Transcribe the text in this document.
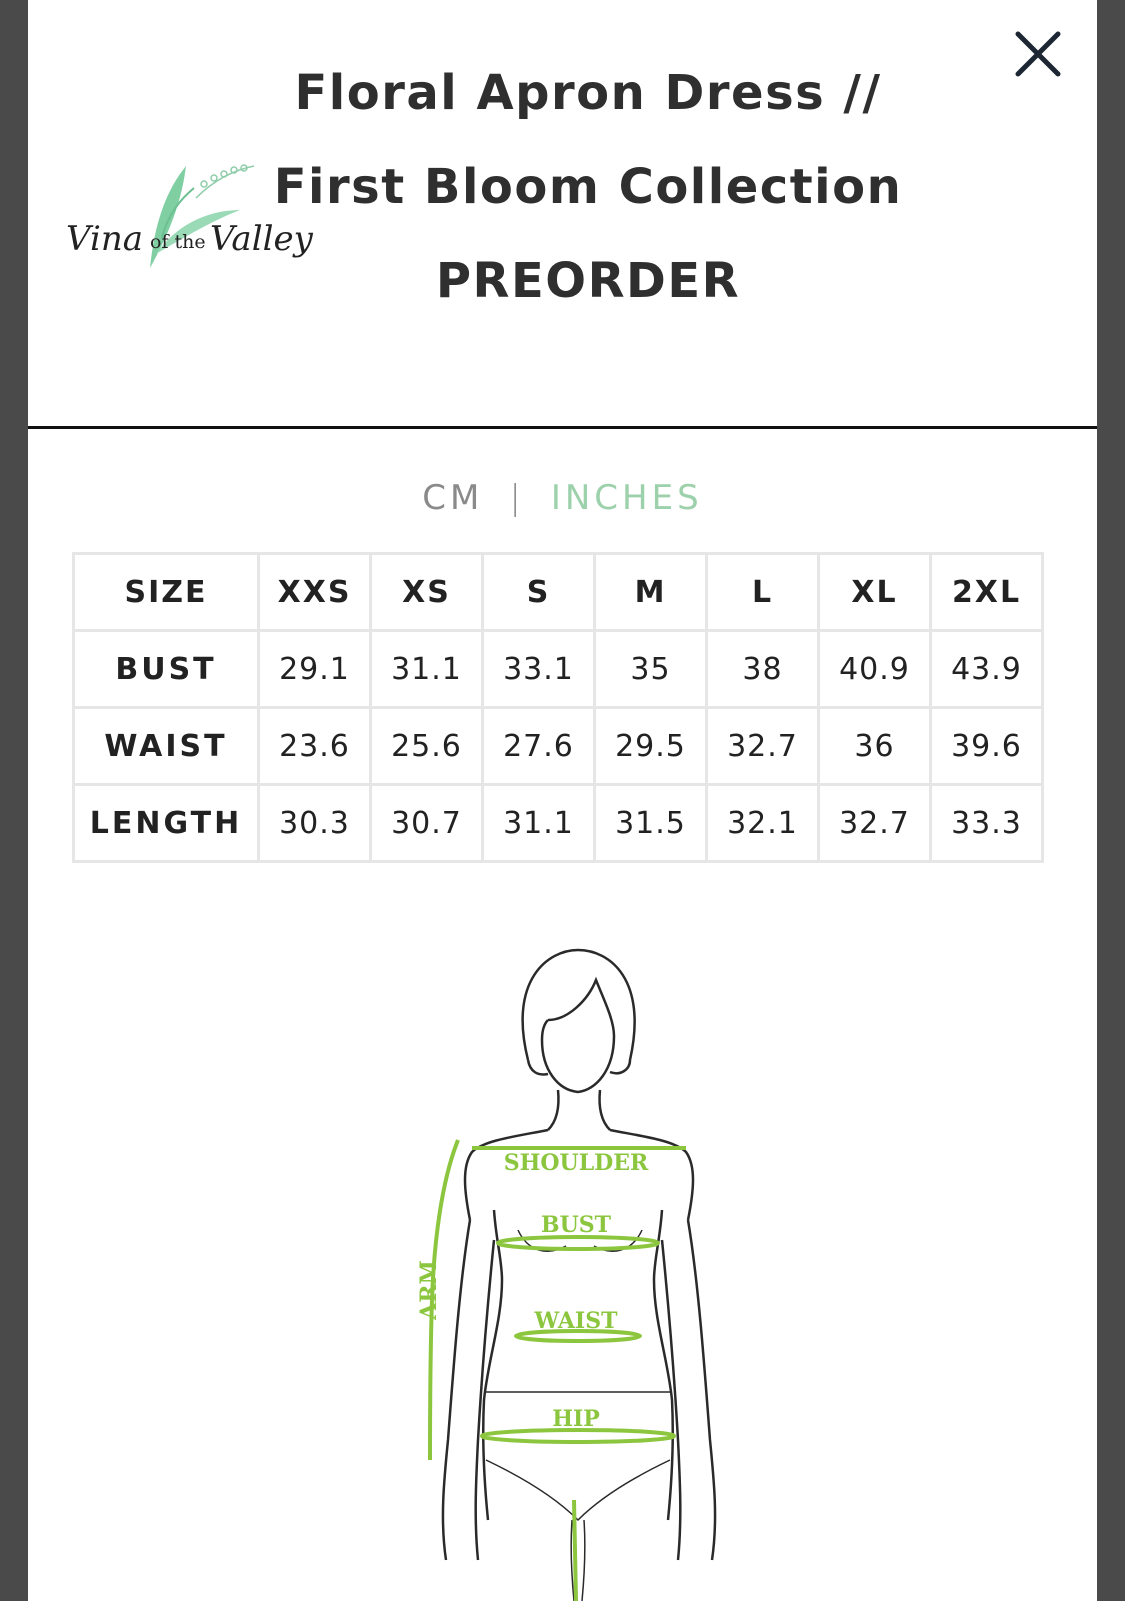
Vina of the Valley
Floral Apron Dress // First Bloom Collection PREORDER
CM | INCHES
SIZE	XXS	XS	S	M	L	XL	2XL
BUST	29.1	31.1	33.1	35	38	40.9	43.9
WAIST	23.6	25.6	27.6	29.5	32.7	36	39.6
LENGTH	30.3	30.7	31.1	31.5	32.1	32.7	33.3
SHOULDER
BUST
WAIST
HIP
ARM
